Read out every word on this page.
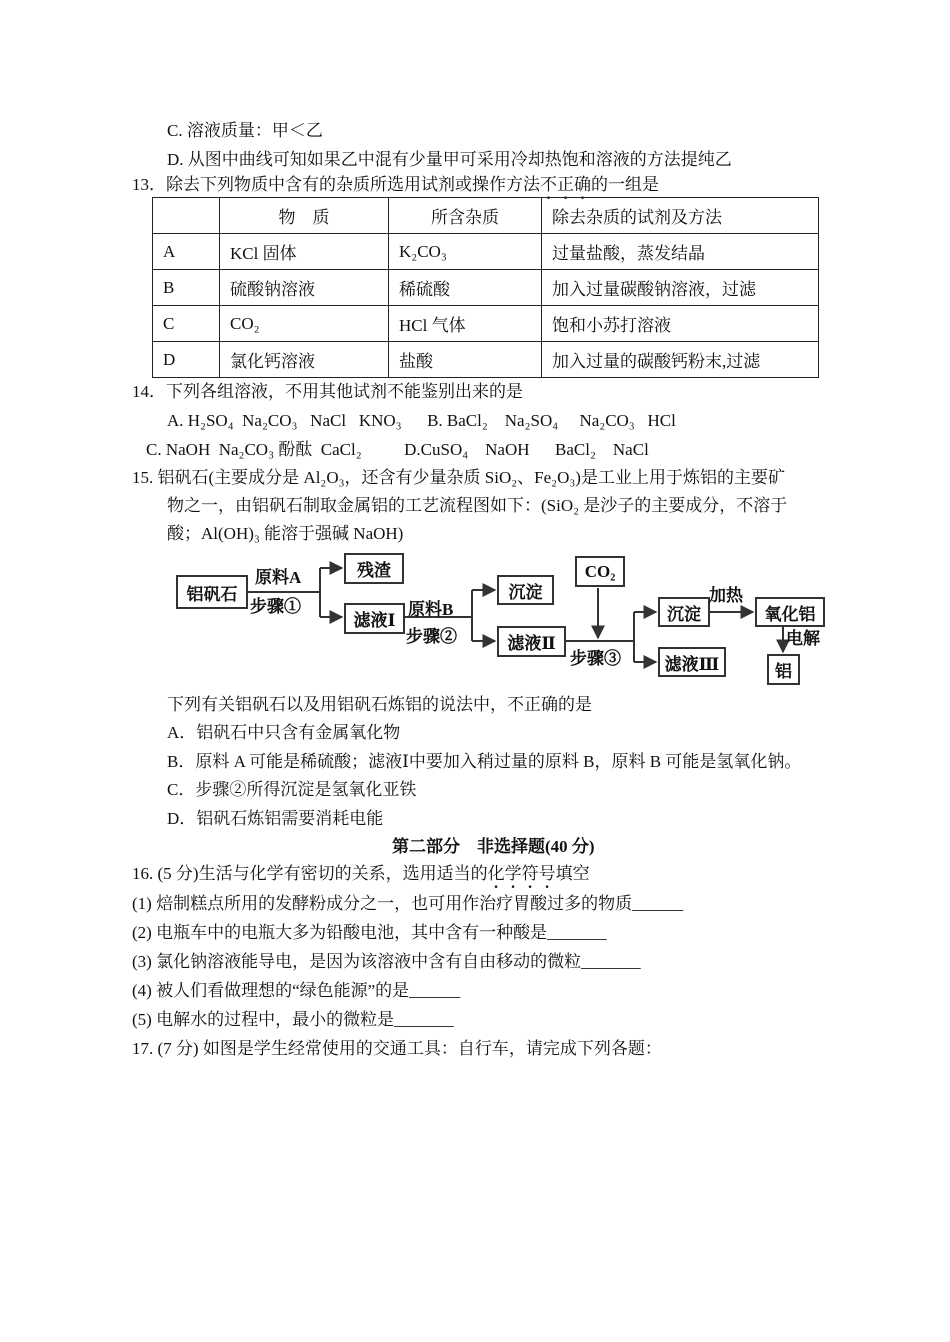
C. 溶液质量：甲＜乙
D. 从图中曲线可知如果乙中混有少量甲可采用冷却热饱和溶液的方法提纯乙
13．除去下列物质中含有的杂质所选用试剂或操作方法不正确的一组是
	物　质	所含杂质	除去杂质的试剂及方法
A	KCl 固体	K₂CO₃	过量盐酸，蒸发结晶
B	硫酸钠溶液	稀硫酸	加入过量碳酸钠溶液，过滤
C	CO₂	HCl 气体	饱和小苏打溶液
D	氯化钙溶液	盐酸	加入过量的碳酸钙粉末,过滤
14．下列各组溶液，不用其他试剂不能鉴别出来的是
A. H₂SO₄  Na₂CO₃   NaCl   KNO₃      B. BaCl₂    Na₂SO₄     Na₂CO₃   HCl
C. NaOH  Na₂CO₃ 酚酞  CaCl₂          D.CuSO₄    NaOH      BaCl₂    NaCl
15. 铝矾石(主要成分是 Al₂O₃，还含有少量杂质 SiO₂、Fe₂O₃)是工业上用于炼铝的主要矿
物之一，由铝矾石制取金属铝的工艺流程图如下：(SiO₂ 是沙子的主要成分，不溶于
酸；Al(OH)₃ 能溶于强碱 NaOH)
铝矾石
原料A
步骤①
残渣
滤液Ⅰ
原料B
步骤②
沉淀
滤液Ⅱ
CO₂
步骤③
沉淀
滤液Ⅲ
加热
氧化铝
电解
铝
下列有关铝矾石以及用铝矾石炼铝的说法中，不正确的是
A．铝矾石中只含有金属氧化物
B．原料 A 可能是稀硫酸；滤液Ⅰ中要加入稍过量的原料 B，原料 B 可能是氢氧化钠。
C．步骤②所得沉淀是氢氧化亚铁
D．铝矾石炼铝需要消耗电能
第二部分　非选择题(40 分)
16. (5 分)生活与化学有密切的关系，选用适当的化学符号填空
(1) 焙制糕点所用的发酵粉成分之一，也可用作治疗胃酸过多的物质______
(2) 电瓶车中的电瓶大多为铅酸电池，其中含有一种酸是_______
(3) 氯化钠溶液能导电，是因为该溶液中含有自由移动的微粒_______
(4) 被人们看做理想的“绿色能源”的是______
(5) 电解水的过程中，最小的微粒是_______
17. (7 分) 如图是学生经常使用的交通工具：自行车，请完成下列各题：
